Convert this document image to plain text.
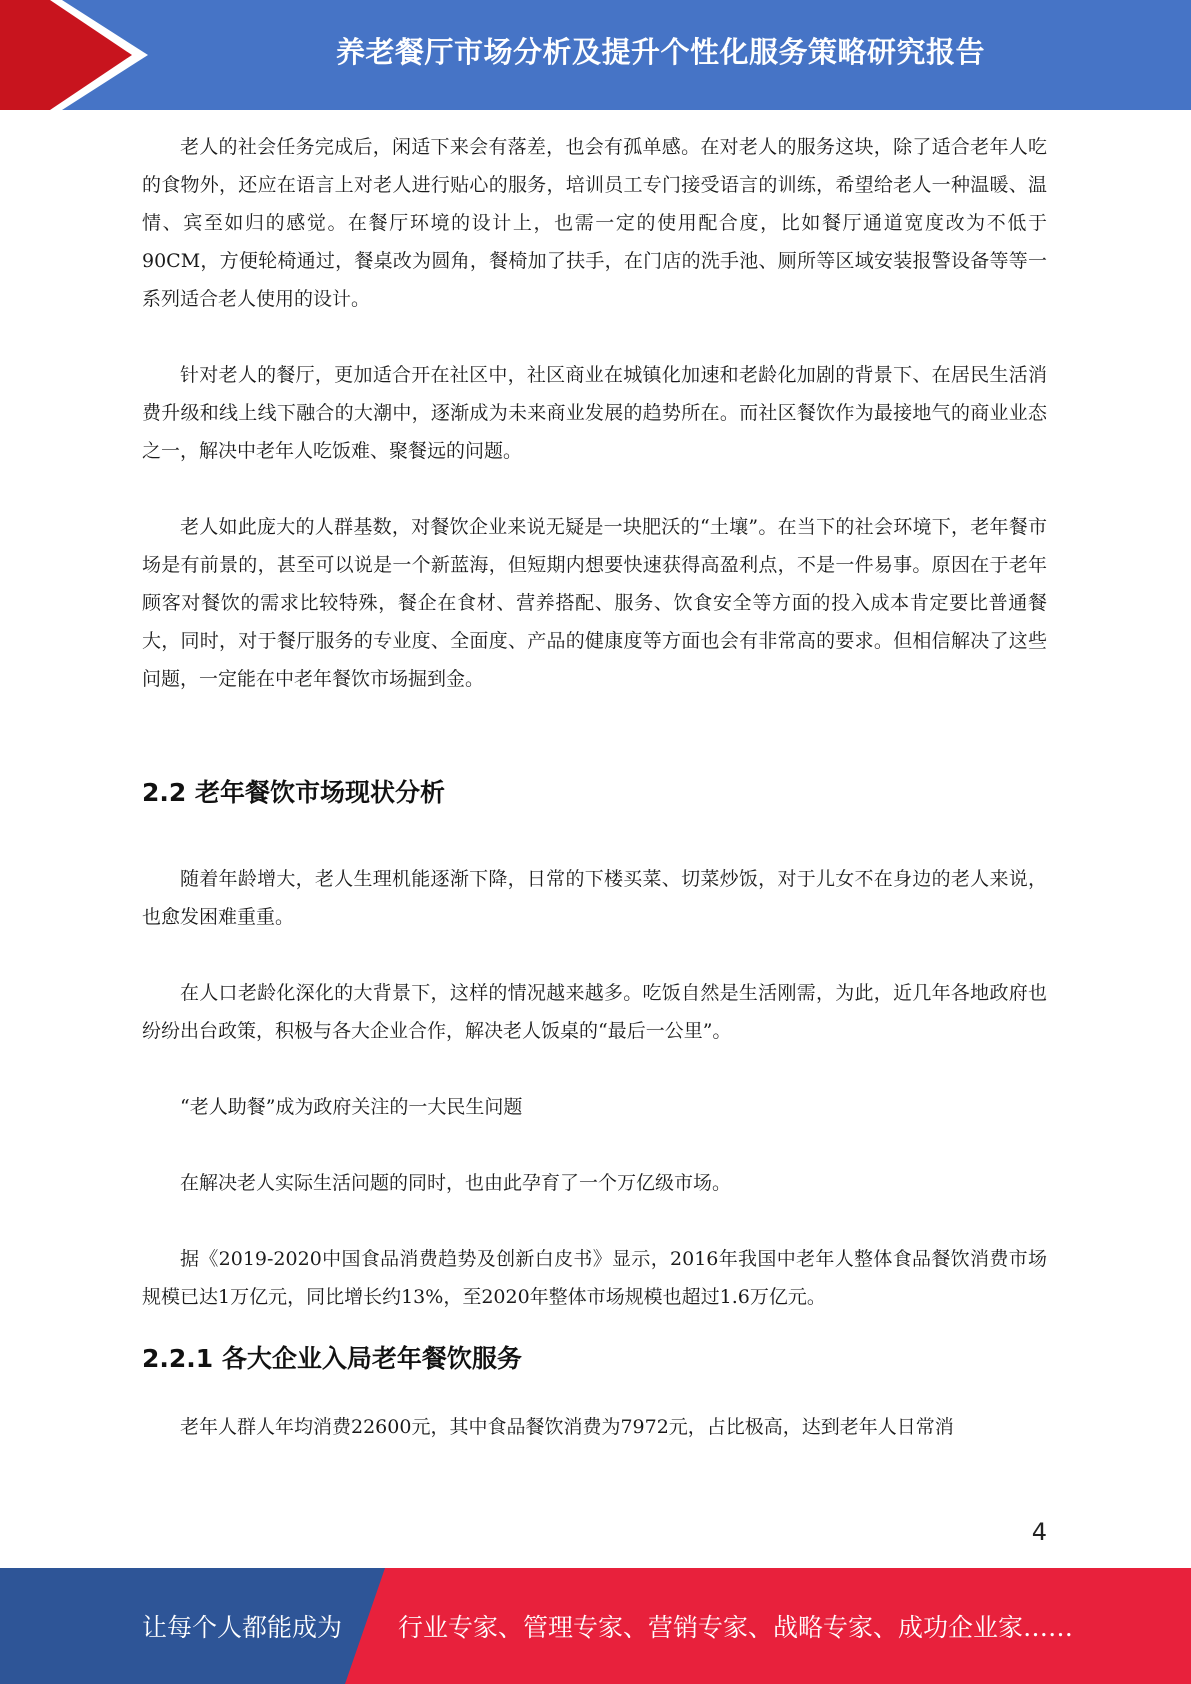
养老餐厅市场分析及提升个性化服务策略研究报告

老人的社会任务完成后，闲适下来会有落差，也会有孤单感。在对老人的服务这块，除了适合老年人吃的食物外，还应在语言上对老人进行贴心的服务，培训员工专门接受语言的训练，希望给老人一种温暖、温情、宾至如归的感觉。在餐厅环境的设计上，也需一定的使用配合度，比如餐厅通道宽度改为不低于90CM，方便轮椅通过，餐桌改为圆角，餐椅加了扶手，在门店的洗手池、厕所等区域安装报警设备等等一系列适合老人使用的设计。

针对老人的餐厅，更加适合开在社区中，社区商业在城镇化加速和老龄化加剧的背景下、在居民生活消费升级和线上线下融合的大潮中，逐渐成为未来商业发展的趋势所在。而社区餐饮作为最接地气的商业业态之一，解决中老年人吃饭难、聚餐远的问题。

老人如此庞大的人群基数，对餐饮企业来说无疑是一块肥沃的“土壤”。在当下的社会环境下，老年餐市场是有前景的，甚至可以说是一个新蓝海，但短期内想要快速获得高盈利点，不是一件易事。原因在于老年顾客对餐饮的需求比较特殊，餐企在食材、营养搭配、服务、饮食安全等方面的投入成本肯定要比普通餐大，同时，对于餐厅服务的专业度、全面度、产品的健康度等方面也会有非常高的要求。但相信解决了这些问题，一定能在中老年餐饮市场掘到金。

2.2 老年餐饮市场现状分析

随着年龄增大，老人生理机能逐渐下降，日常的下楼买菜、切菜炒饭，对于儿女不在身边的老人来说，也愈发困难重重。

在人口老龄化深化的大背景下，这样的情况越来越多。吃饭自然是生活刚需，为此，近几年各地政府也纷纷出台政策，积极与各大企业合作，解决老人饭桌的“最后一公里”。

“老人助餐”成为政府关注的一大民生问题

在解决老人实际生活问题的同时，也由此孕育了一个万亿级市场。

据《2019-2020中国食品消费趋势及创新白皮书》显示，2016年我国中老年人整体食品餐饮消费市场规模已达1万亿元，同比增长约13%，至2020年整体市场规模也超过1.6万亿元。

2.2.1 各大企业入局老年餐饮服务

老年人群人年均消费22600元，其中食品餐饮消费为7972元，占比极高，达到老年人日常消

4
让每个人都能成为 行业专家、管理专家、营销专家、战略专家、成功企业家……
